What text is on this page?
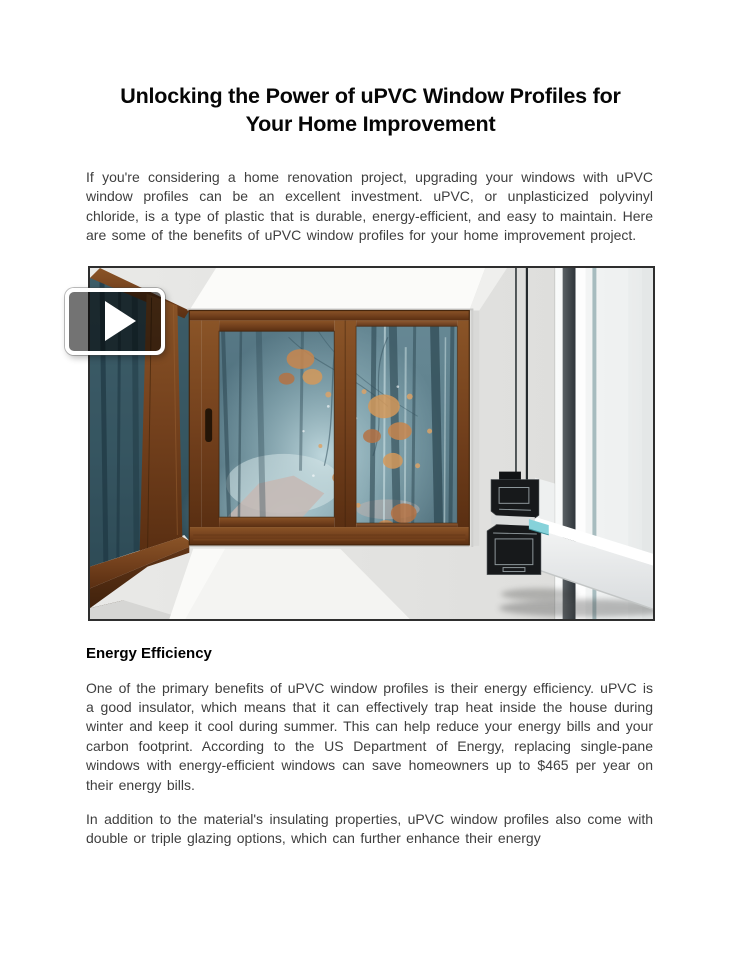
Unlocking the Power of uPVC Window Profiles for
Your Home Improvement

If you're considering a home renovation project, upgrading your windows with uPVC window profiles can be an excellent investment. uPVC, or unplasticized polyvinyl chloride, is a type of plastic that is durable, energy-efficient, and easy to maintain. Here are some of the benefits of uPVC window profiles for your home improvement project.

Energy Efficiency

One of the primary benefits of uPVC window profiles is their energy efficiency. uPVC is a good insulator, which means that it can effectively trap heat inside the house during winter and keep it cool during summer. This can help reduce your energy bills and your carbon footprint. According to the US Department of Energy, replacing single-pane windows with energy-efficient windows can save homeowners up to $465 per year on their energy bills.

In addition to the material's insulating properties, uPVC window profiles also come with double or triple glazing options, which can further enhance their energy
